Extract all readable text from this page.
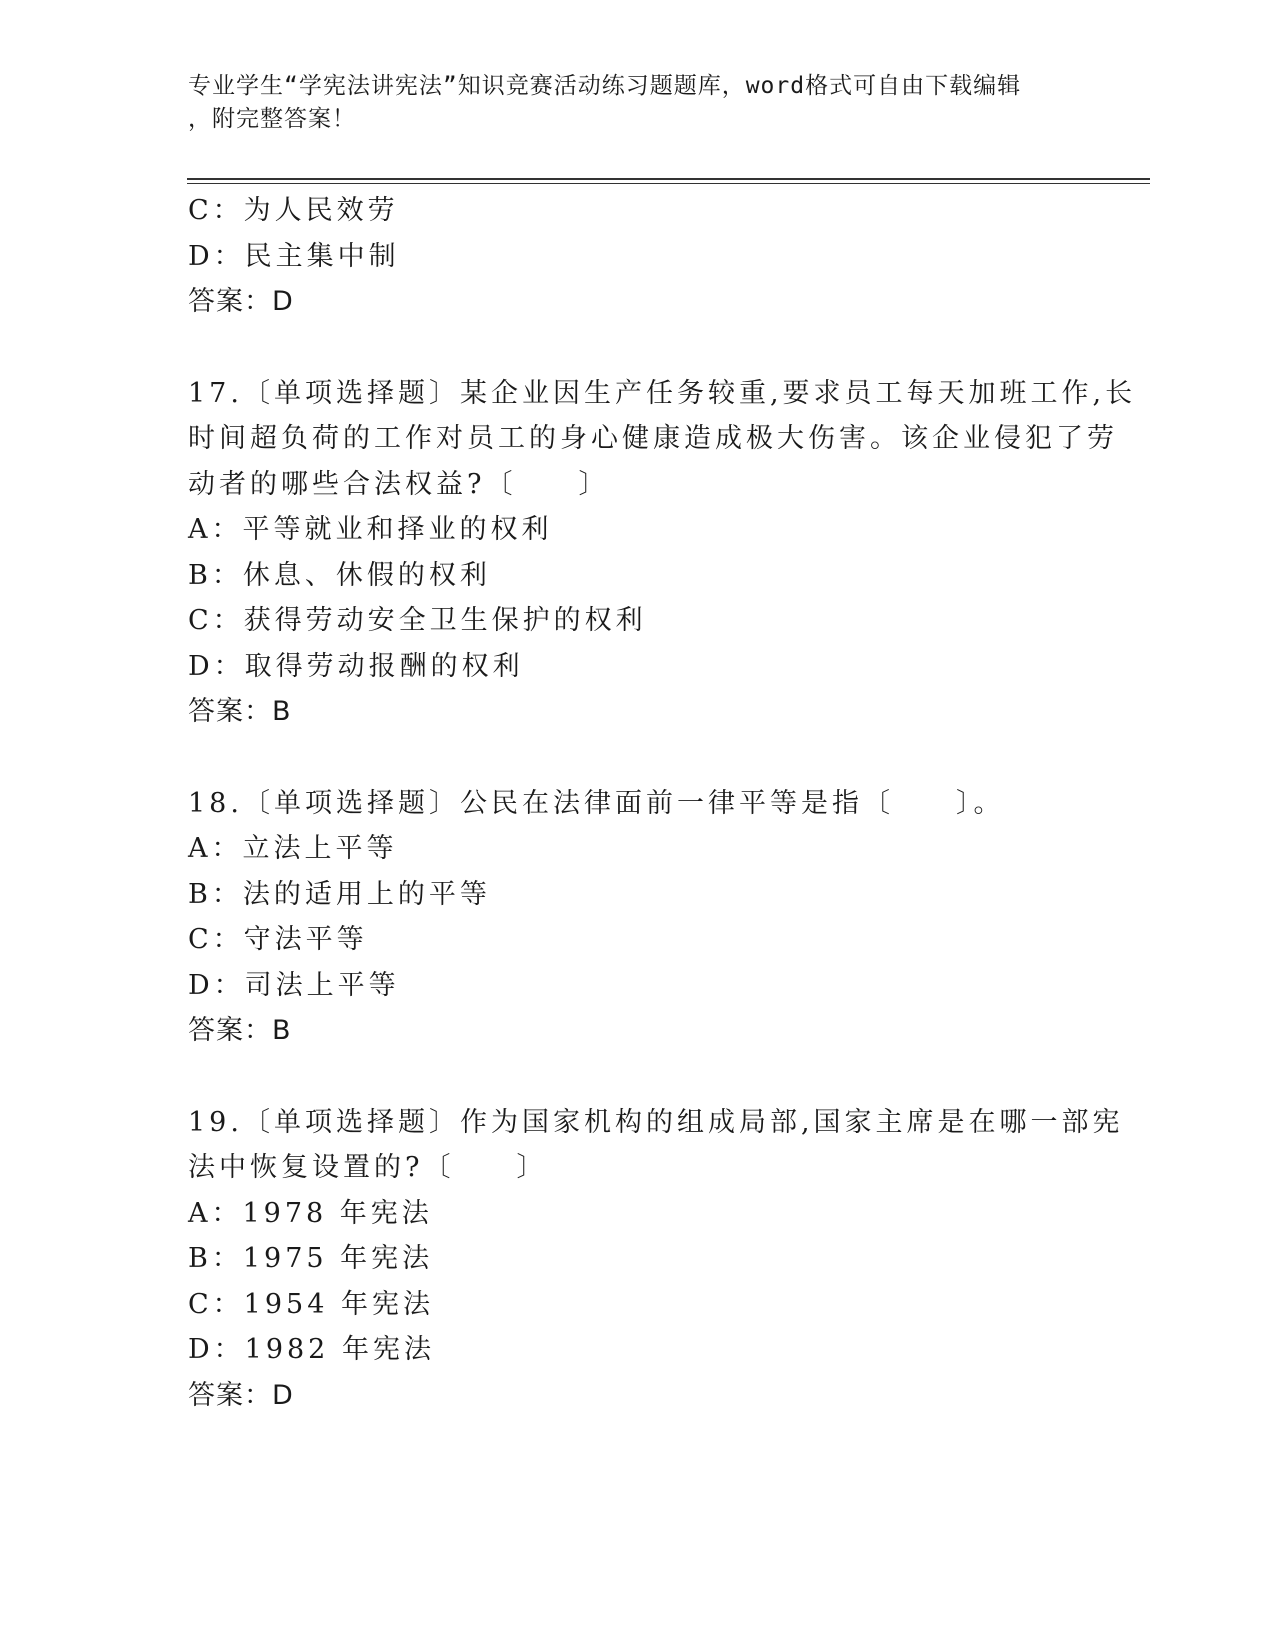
专业学生“学宪法讲宪法”知识竞赛活动练习题题库，word格式可自由下载编辑
，附完整答案！
C：为人民效劳
D：民主集中制
答案：D
17.〔单项选择题〕某企业因生产任务较重,要求员工每天加班工作,长
时间超负荷的工作对员工的身心健康造成极大伤害。该企业侵犯了劳
动者的哪些合法权益?〔　　〕
A：平等就业和择业的权利
B：休息、休假的权利
C：获得劳动安全卫生保护的权利
D：取得劳动报酬的权利
答案：B
18.〔单项选择题〕公民在法律面前一律平等是指〔　　〕。
A：立法上平等
B：法的适用上的平等
C：守法平等
D：司法上平等
答案：B
19.〔单项选择题〕作为国家机构的组成局部,国家主席是在哪一部宪
法中恢复设置的?〔　　〕
A：1978 年宪法
B：1975 年宪法
C：1954 年宪法
D：1982 年宪法
答案：D
